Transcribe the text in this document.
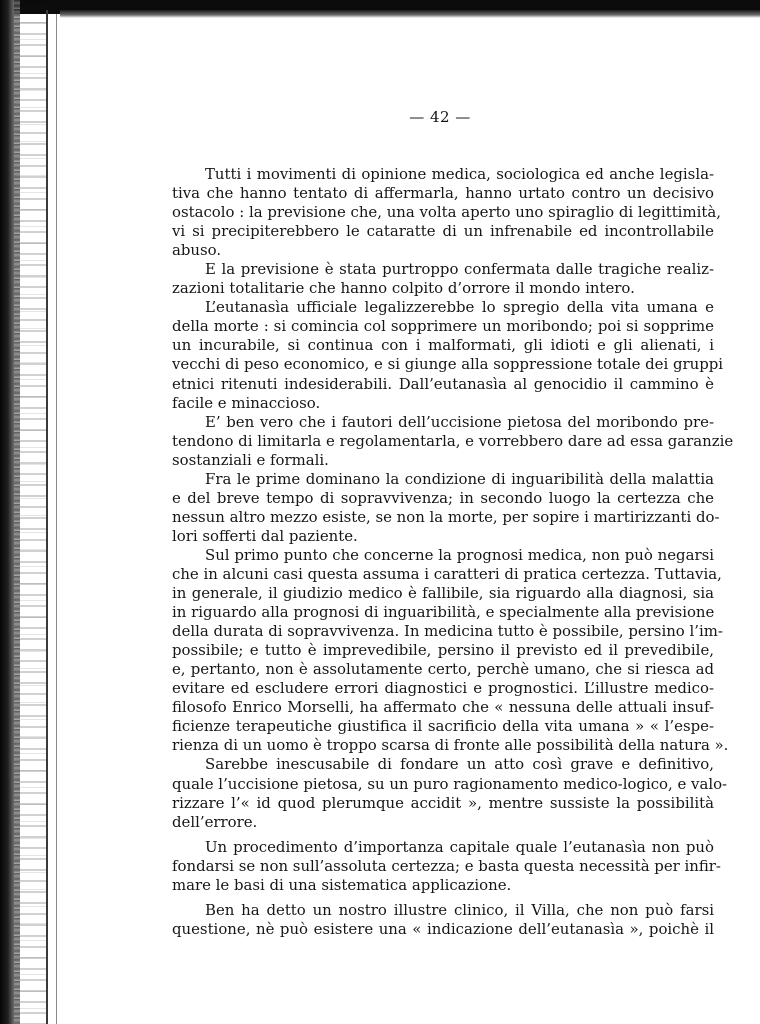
— 42 —
Tutti i movimenti di opinione medica, sociologica ed anche legisla-
tiva che hanno tentato di affermarla, hanno urtato contro un decisivo
ostacolo : la previsione che, una volta aperto uno spiraglio di legittimità,
vi si precipiterebbero le cataratte di un infrenabile ed incontrollabile
abuso.
E la previsione è stata purtroppo confermata dalle tragiche realiz-
zazioni totalitarie che hanno colpito d’orrore il mondo intero.
L’eutanasìa ufficiale legalizzerebbe lo spregio della vita umana e
della morte : si comincia col sopprimere un moribondo; poi si sopprime
un incurabile, si continua con i malformati, gli idioti e gli alienati, i
vecchi di peso economico, e si giunge alla soppressione totale dei gruppi
etnici ritenuti indesiderabili. Dall’eutanasìa al genocidio il cammino è
facile e minaccioso.
E’ ben vero che i fautori dell’uccisione pietosa del moribondo pre-
tendono di limitarla e regolamentarla, e vorrebbero dare ad essa garanzie
sostanziali e formali.
Fra le prime dominano la condizione di inguaribilità della malattia
e del breve tempo di sopravvivenza; in secondo luogo la certezza che
nessun altro mezzo esiste, se non la morte, per sopire i martirizzanti do-
lori sofferti dal paziente.
Sul primo punto che concerne la prognosi medica, non può negarsi
che in alcuni casi questa assuma i caratteri di pratica certezza. Tuttavia,
in generale, il giudizio medico è fallibile, sia riguardo alla diagnosi, sia
in riguardo alla prognosi di inguaribilità, e specialmente alla previsione
della durata di sopravvivenza. In medicina tutto è possibile, persino l’im-
possibile; e tutto è imprevedibile, persino il previsto ed il prevedibile,
e, pertanto, non è assolutamente certo, perchè umano, che si riesca ad
evitare ed escludere errori diagnostici e prognostici. L’illustre medico-
filosofo Enrico Morselli, ha affermato che « nessuna delle attuali insuf-
ficienze terapeutiche giustifica il sacrificio della vita umana » « l’espe-
rienza di un uomo è troppo scarsa di fronte alle possibilità della natura ».
Sarebbe inescusabile di fondare un atto così grave e definitivo,
quale l’uccisione pietosa, su un puro ragionamento medico-logico, e valo-
rizzare l’« id quod plerumque accidit », mentre sussiste la possibilità
dell’errore.
Un procedimento d’importanza capitale quale l’eutanasìa non può
fondarsi se non sull’assoluta certezza; e basta questa necessità per infir-
mare le basi di una sistematica applicazione.
Ben ha detto un nostro illustre clinico, il Villa, che non può farsi
questione, nè può esistere una « indicazione dell’eutanasìa », poichè il
